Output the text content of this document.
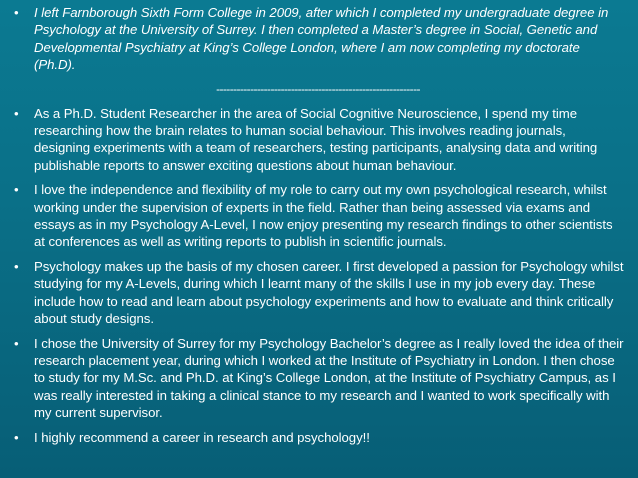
•	I left Farnborough Sixth Form College in 2009, after which I completed my undergraduate degree in Psychology at the University of Surrey. I then completed a Master’s degree in Social, Genetic and Developmental Psychiatry at King’s College London, where I am now completing my doctorate (Ph.D).
------------------------------------------------------------
•	As a Ph.D. Student Researcher in the area of Social Cognitive Neuroscience, I spend my time researching how the brain relates to human social behaviour. This involves reading journals, designing experiments with a team of researchers, testing participants, analysing data and writing publishable reports to answer exciting questions about human behaviour.
•	I love the independence and flexibility of my role to carry out my own psychological research, whilst working under the supervision of experts in the field. Rather than being assessed via exams and essays as in my Psychology A-Level, I now enjoy presenting my research findings to other scientists at conferences as well as writing reports to publish in scientific journals.
•	Psychology makes up the basis of my chosen career. I first developed a passion for Psychology whilst studying for my A-Levels, during which I learnt many of the skills I use in my job every day. These include how to read and learn about psychology experiments and how to evaluate and think critically about study designs.
•	I chose the University of Surrey for my Psychology Bachelor’s degree as I really loved the idea of their research placement year, during which I worked at the Institute of Psychiatry in London. I then chose to study for my M.Sc. and Ph.D. at King’s College London, at the Institute of Psychiatry Campus, as I was really interested in taking a clinical stance to my research and I wanted to work specifically with my current supervisor.
•	I highly recommend a career in research and psychology!!
